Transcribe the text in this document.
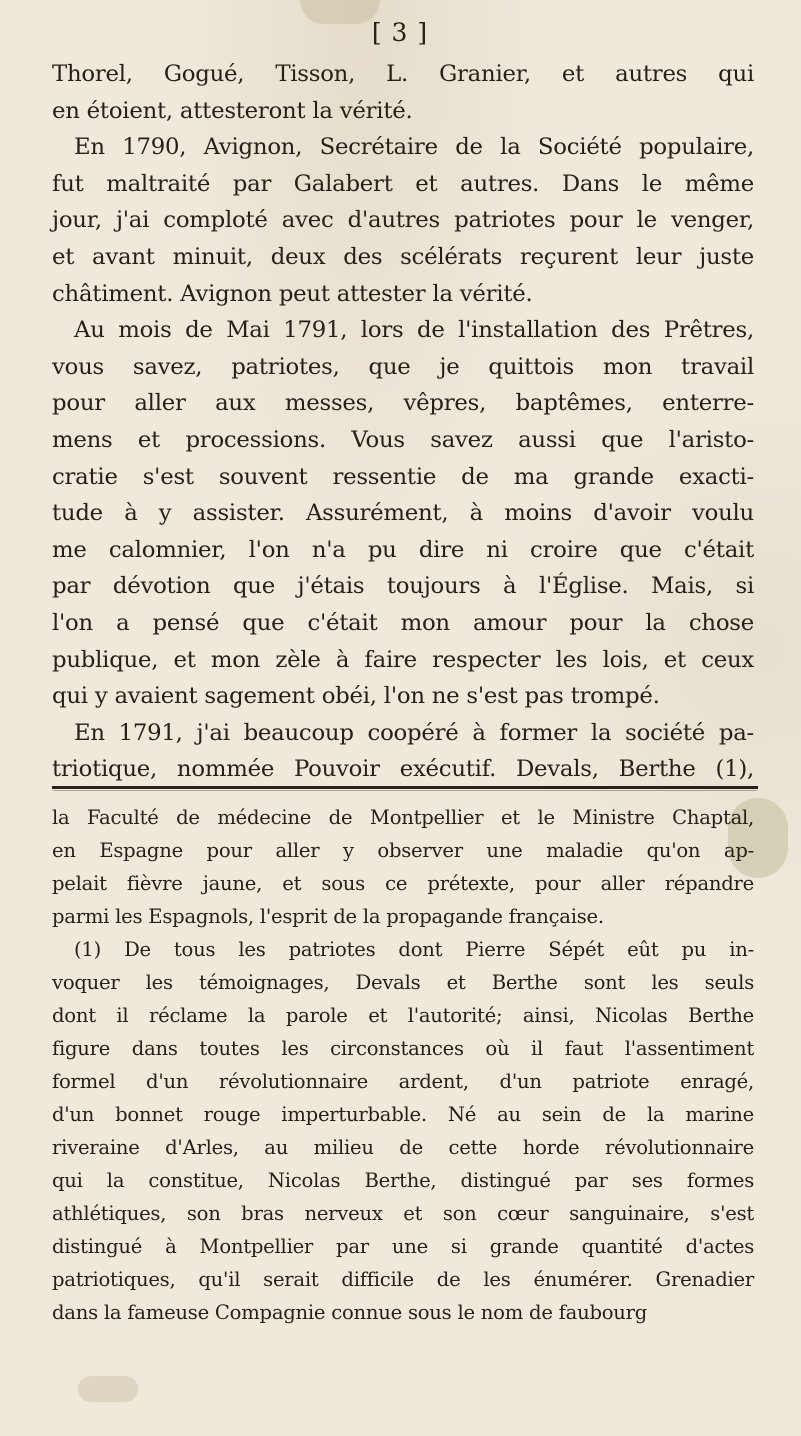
[ 3 ]
Thorel, Gogué, Tisson, L. Granier, et autres qui
en étoient, attesteront la vérité.
En 1790, Avignon, Secrétaire de la Société populaire,
fut maltraité par Galabert et autres. Dans le même
jour, j'ai comploté avec d'autres patriotes pour le venger,
et avant minuit, deux des scélérats reçurent leur juste
châtiment. Avignon peut attester la vérité.
Au mois de Mai 1791, lors de l'installation des Prêtres,
vous savez, patriotes, que je quittois mon travail
pour aller aux messes, vêpres, baptêmes, enterre-
mens et processions. Vous savez aussi que l'aristo-
cratie s'est souvent ressentie de ma grande exacti-
tude à y assister. Assurément, à moins d'avoir voulu
me calomnier, l'on n'a pu dire ni croire que c'était
par dévotion que j'étais toujours à l'Église. Mais, si
l'on a pensé que c'était mon amour pour la chose
publique, et mon zèle à faire respecter les lois, et ceux
qui y avaient sagement obéi, l'on ne s'est pas trompé.
En 1791, j'ai beaucoup coopéré à former la société pa-
triotique, nommée Pouvoir exécutif. Devals, Berthe (1),
la Faculté de médecine de Montpellier et le Ministre Chaptal,
en Espagne pour aller y observer une maladie qu'on ap-
pelait fièvre jaune, et sous ce prétexte, pour aller répandre
parmi les Espagnols, l'esprit de la propagande française.
(1) De tous les patriotes dont Pierre Sépét eût pu in-
voquer les témoignages, Devals et Berthe sont les seuls
dont il réclame la parole et l'autorité; ainsi, Nicolas Berthe
figure dans toutes les circonstances où il faut l'assentiment
formel d'un révolutionnaire ardent, d'un patriote enragé,
d'un bonnet rouge imperturbable. Né au sein de la marine
riveraine d'Arles, au milieu de cette horde révolutionnaire
qui la constitue, Nicolas Berthe, distingué par ses formes
athlétiques, son bras nerveux et son cœur sanguinaire, s'est
distingué à Montpellier par une si grande quantité d'actes
patriotiques, qu'il serait difficile de les énumérer. Grenadier
dans la fameuse Compagnie connue sous le nom de faubourg
